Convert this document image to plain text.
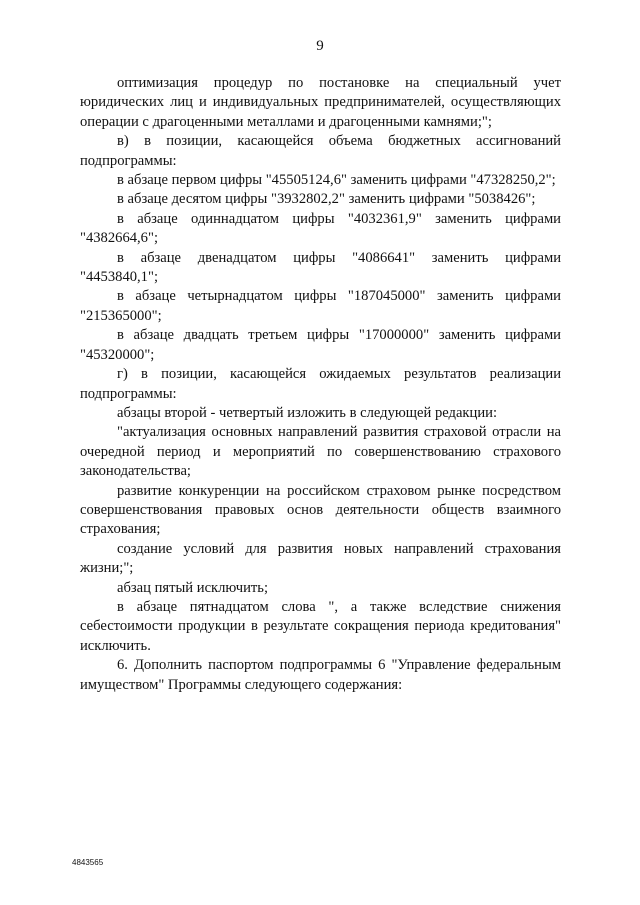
9

оптимизация процедур по постановке на специальный учет юридических лиц и индивидуальных предпринимателей, осуществляющих операции с драгоценными металлами и драгоценными камнями;";

в) в позиции, касающейся объема бюджетных ассигнований подпрограммы:

в абзаце первом цифры "45505124,6" заменить цифрами "47328250,2";

в абзаце десятом цифры "3932802,2" заменить цифрами "5038426";

в абзаце одиннадцатом цифры "4032361,9" заменить цифрами "4382664,6";

в абзаце двенадцатом цифры "4086641" заменить цифрами "4453840,1";

в абзаце четырнадцатом цифры "187045000" заменить цифрами "215365000";

в абзаце двадцать третьем цифры "17000000" заменить цифрами "45320000";

г) в позиции, касающейся ожидаемых результатов реализации подпрограммы:

абзацы второй - четвертый изложить в следующей редакции:

"актуализация основных направлений развития страховой отрасли на очередной период и мероприятий по совершенствованию страхового законодательства;

развитие конкуренции на российском страховом рынке посредством совершенствования правовых основ деятельности обществ взаимного страхования;

создание условий для развития новых направлений страхования жизни;";

абзац пятый исключить;

в абзаце пятнадцатом слова ", а также вследствие снижения себестоимости продукции в результате сокращения периода кредитования" исключить.

6. Дополнить паспортом подпрограммы 6 "Управление федеральным имуществом" Программы следующего содержания:

4843565
